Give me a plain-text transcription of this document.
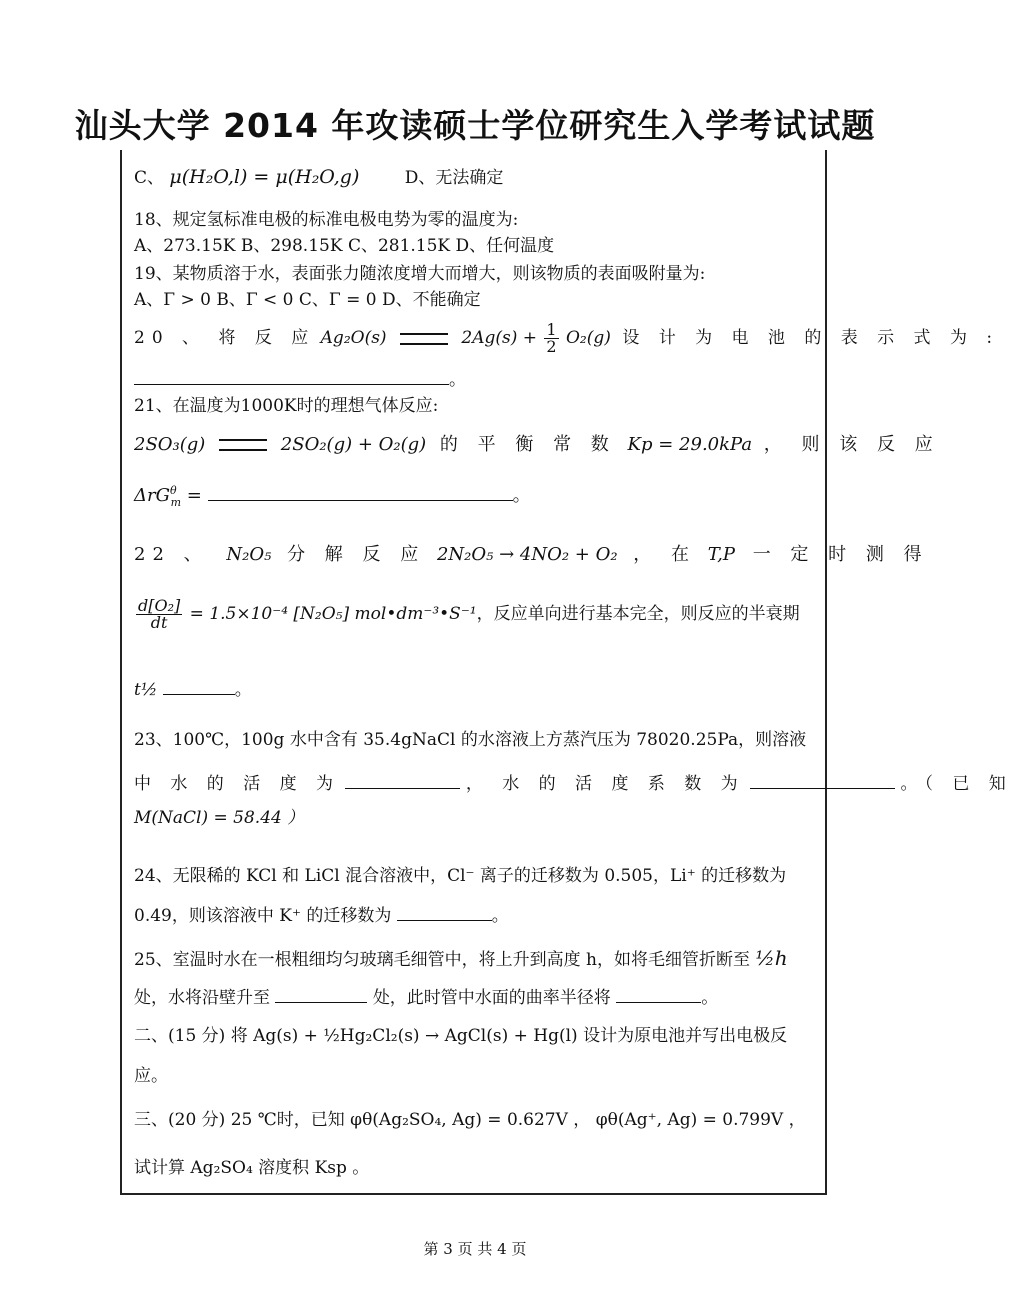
汕头大学 2014 年攻读硕士学位研究生入学考试试题
C、 μ(H₂O,l) = μ(H₂O,g)	D、无法确定
18、规定氢标准电极的标准电极电势为零的温度为:
A、273.15K B、298.15K C、281.15K D、任何温度
19、某物质溶于水，表面张力随浓度增大而增大，则该物质的表面吸附量为:
A、Γ > 0 B、Γ < 0 C、Γ = 0 D、不能确定
20 、 将 反 应 Ag₂O(s)	$2Ag(s) + \frac{1}{2} O_2(g)$ 设 计 为 电 池 的 表 示 式 为 :
。
21、在温度为1000K时的理想气体反应:
2SO₃(g)	2SO₂(g) + O₂(g) 的 平 衡 常 数 Kp = 29.0kPa ， 则 该 反 应
ΔrG$^\theta_m$ =	。
22 、 N₂O₅ 分 解 反 应 2N₂O₅ → 4NO₂ + O₂ ， 在 T,P 一 定 时 测 得
$\frac{\text{d[O₂]}}{dt} = 1.5\times 10^{-4}$ [N₂O₅] mol•dm⁻³•S⁻¹，反应单向进行基本完全，则反应的半衰期
t½	。
23、100℃，100g 水中含有 35.4gNaCl 的水溶液上方蒸汽压为 78020.25Pa，则溶液
中 水 的 活 度 为	， 水 的 活 度 系 数 为	。（ 已 知
M(NaCl) = 58.44 ）
24、无限稀的 KCl 和 LiCl 混合溶液中，Cl⁻ 离子的迁移数为 0.505，Li⁺ 的迁移数为
0.49，则该溶液中 K⁺ 的迁移数为	。
25、室温时水在一根粗细均匀玻璃毛细管中，将上升到高度 h，如将毛细管折断至 ½h
处，水将沿壁升至	处，此时管中水面的曲率半径将	。
二、(15 分) 将 Ag(s) + ½Hg₂Cl₂(s) → AgCl(s) + Hg(l) 设计为原电池并写出电极反
应。
三、(20 分) 25 ℃时，已知 φθ(Ag₂SO₄, Ag) = 0.627V ， φθ(Ag⁺, Ag) = 0.799V ，
试计算 Ag₂SO₄ 溶度积 Ksp 。
第 3 页 共 4 页
